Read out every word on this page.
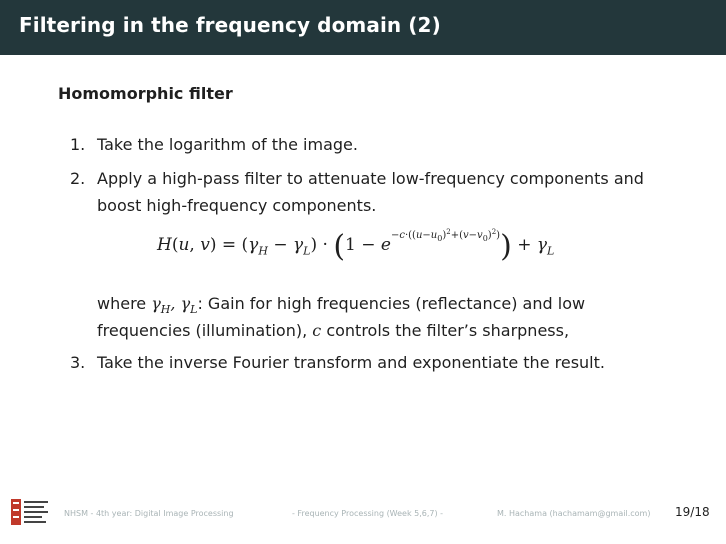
Filtering in the frequency domain (2)
Homomorphic filter
1. Take the logarithm of the image.
2. Apply a high-pass filter to attenuate low-frequency components and
boost high-frequency components.
H(u, $v) = (\gamma_H - \gamma_L) \cdot (1 - e^{-c\cdot((u-u_0)^2+(v-v_0)^2)}) + \gamma_L$
where $\gamma_H$, $\gamma_L$: Gain for high frequencies (reflectance) and low
frequencies (illumination), c controls the filter’s sharpness,
3. Take the inverse Fourier transform and exponentiate the result.
NHSM - 4th year: Digital Image Processing	- Frequency Processing (Week 5,6,7) -	M. Hachama (hachamam@gmail.com) 19/18
